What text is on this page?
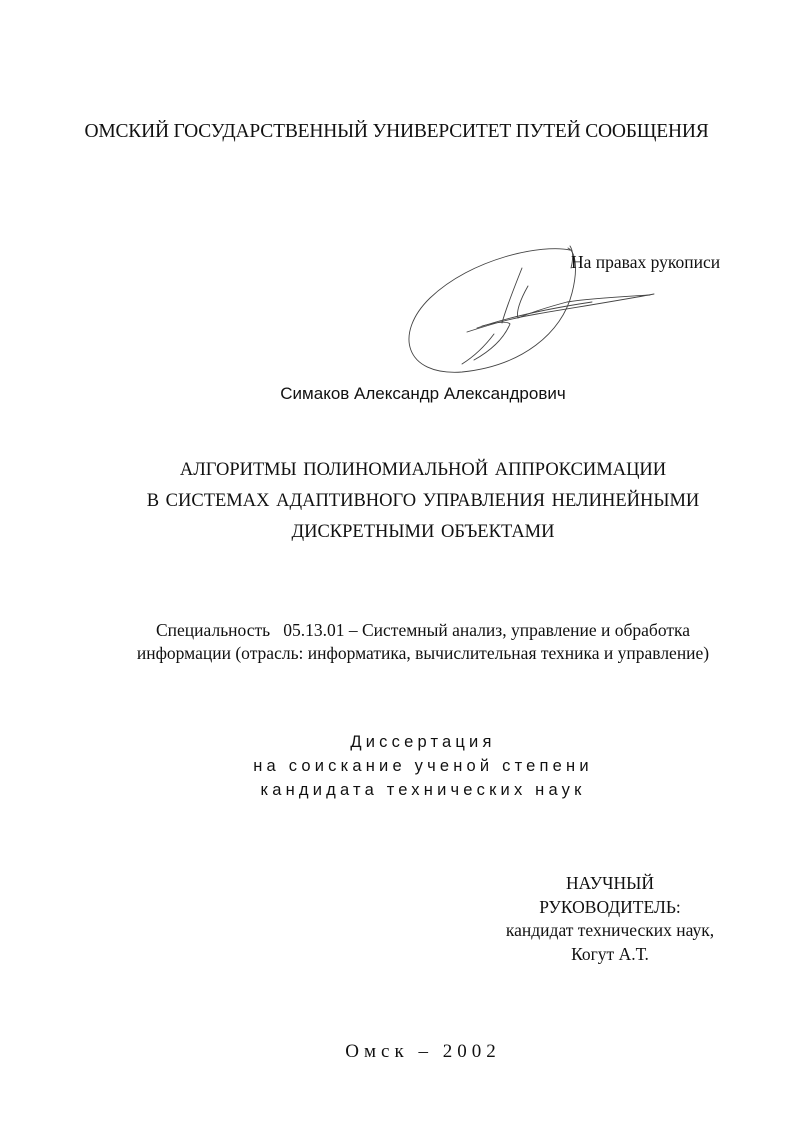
ОМСКИЙ ГОСУДАРСТВЕННЫЙ УНИВЕРСИТЕТ ПУТЕЙ СООБЩЕНИЯ
На правах рукописи
Симаков Александр Александрович
АЛГОРИТМЫ ПОЛИНОМИАЛЬНОЙ АППРОКСИМАЦИИ
В СИСТЕМАХ АДАПТИВНОГО УПРАВЛЕНИЯ НЕЛИНЕЙНЫМИ
ДИСКРЕТНЫМИ ОБЪЕКТАМИ
Специальность   05.13.01 – Системный анализ, управление и обработка
информации (отрасль: информатика, вычислительная техника и управление)
Диссертация
на соискание ученой степени
кандидата технических наук
НАУЧНЫЙ
РУКОВОДИТЕЛЬ:
кандидат технических наук,
Когут А.Т.
Омск – 2002
